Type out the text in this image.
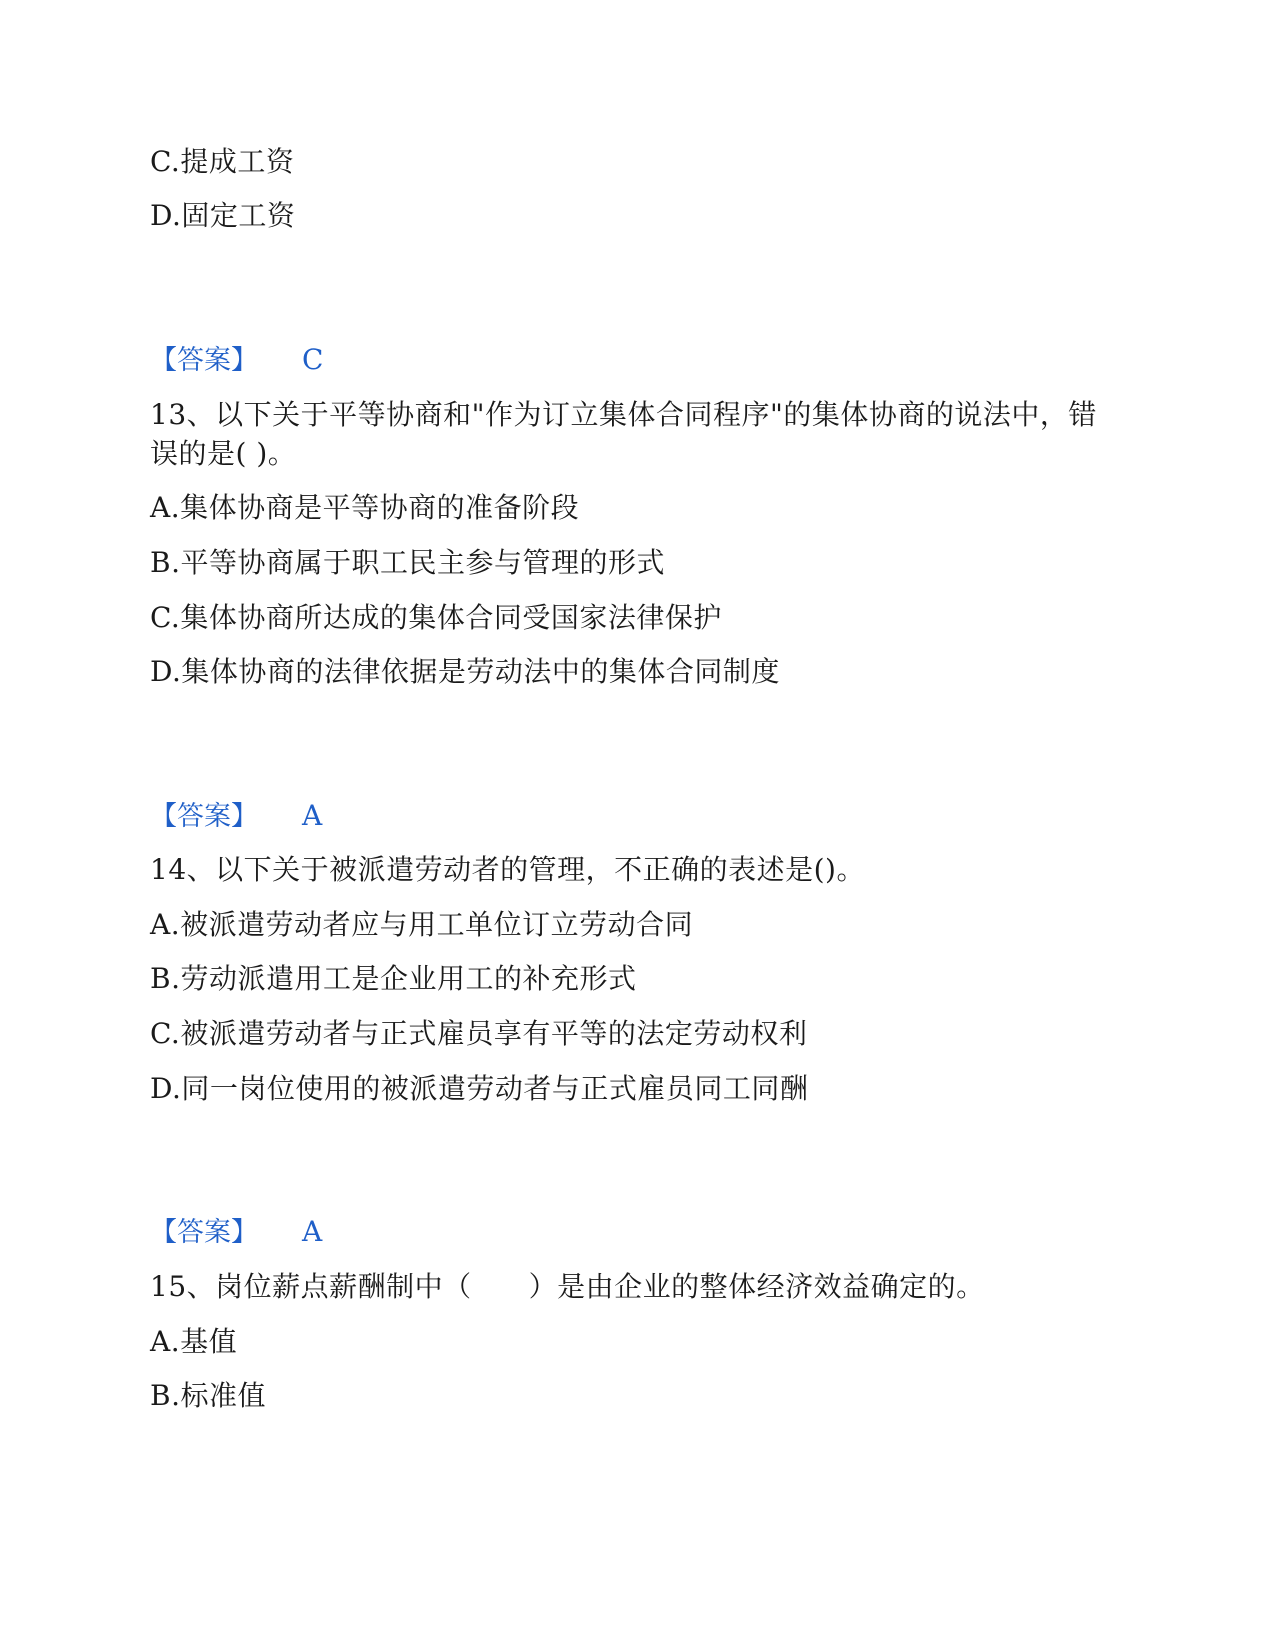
C.提成工资
D.固定工资
【答案】 C
13、以下关于平等协商和"作为订立集体合同程序"的集体协商的说法中，错
误的是( )。
A.集体协商是平等协商的准备阶段
B.平等协商属于职工民主参与管理的形式
C.集体协商所达成的集体合同受国家法律保护
D.集体协商的法律依据是劳动法中的集体合同制度
【答案】 A
14、以下关于被派遣劳动者的管理，不正确的表述是()。
A.被派遣劳动者应与用工单位订立劳动合同
B.劳动派遣用工是企业用工的补充形式
C.被派遣劳动者与正式雇员享有平等的法定劳动权利
D.同一岗位使用的被派遣劳动者与正式雇员同工同酬
【答案】 A
15、岗位薪点薪酬制中（　　）是由企业的整体经济效益确定的。
A.基值
B.标准值
